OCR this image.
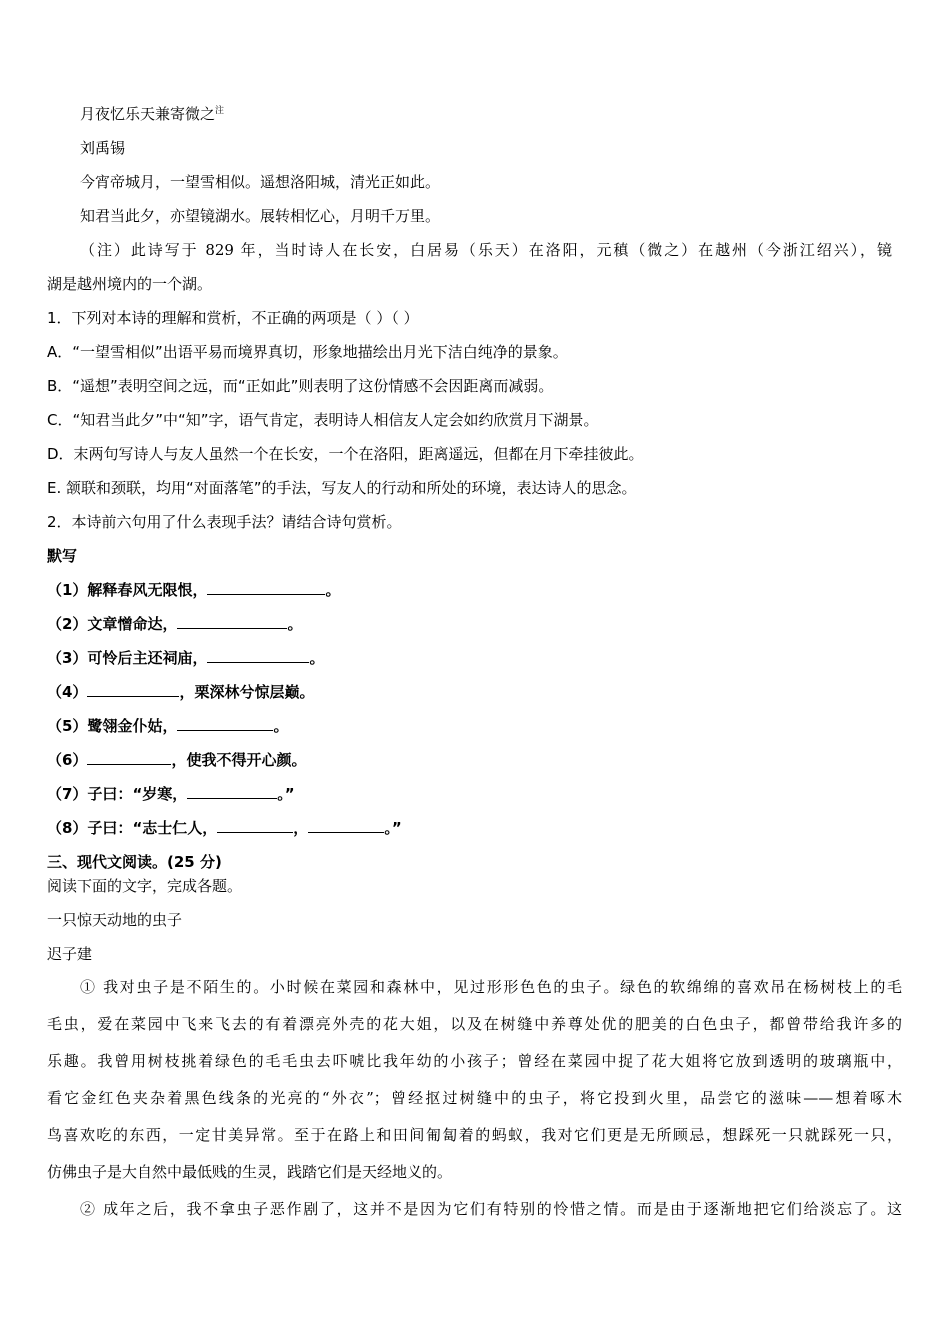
月夜忆乐天兼寄微之$^注$
刘禹锡
今宵帝城月，一望雪相似。遥想洛阳城，清光正如此。
知君当此夕，亦望镜湖水。展转相忆心，月明千万里。
（注）此诗写于 829 年，当时诗人在长安，白居易（乐天）在洛阳，元稹（微之）在越州（今浙江绍兴），镜
湖是越州境内的一个湖。
1．下列对本诗的理解和赏析，不正确的两项是（ ）（ ）
A．“一望雪相似”出语平易而境界真切，形象地描绘出月光下洁白纯净的景象。
B．“遥想”表明空间之远，而“正如此”则表明了这份情感不会因距离而减弱。
C．“知君当此夕”中“知”字，语气肯定，表明诗人相信友人定会如约欣赏月下湖景。
D．末两句写诗人与友人虽然一个在长安，一个在洛阳，距离遥远，但都在月下牵挂彼此。
E. 颔联和颈联，均用“对面落笔”的手法，写友人的行动和所处的环境，表达诗人的思念。
2．本诗前六句用了什么表现手法？请结合诗句赏析。
默写
（1）解释春风无限恨，	。
（2）文章憎命达，	。
（3）可怜后主还祠庙，	。
（4）	，栗深林兮惊层巅。
（5）鹭翎金仆姑，	。
（6）	，使我不得开心颜。
（7）子曰：“岁寒，	。”
（8）子曰：“志士仁人，	，	。”
三、现代文阅读。(25 分)
阅读下面的文字，完成各题。
一只惊天动地的虫子
迟子建
① 我对虫子是不陌生的。小时候在菜园和森林中，见过形形色色的虫子。绿色的软绵绵的喜欢吊在杨树枝上的毛
毛虫，爱在菜园中飞来飞去的有着漂亮外壳的花大姐，以及在树缝中养尊处优的肥美的白色虫子，都曾带给我许多的
乐趣。我曾用树枝挑着绿色的毛毛虫去吓唬比我年幼的小孩子；曾经在菜园中捉了花大姐将它放到透明的玻璃瓶中，
看它金红色夹杂着黑色线条的光亮的“外衣”；曾经抠过树缝中的虫子，将它投到火里，品尝它的滋味——想着啄木
鸟喜欢吃的东西，一定甘美异常。至于在路上和田间匍匐着的蚂蚁，我对它们更是无所顾忌，想踩死一只就踩死一只，
仿佛虫子是大自然中最低贱的生灵，践踏它们是天经地义的。
② 成年之后，我不拿虫子恶作剧了，这并不是因为它们有特别的怜惜之情。而是由于逐渐地把它们给淡忘了。这
